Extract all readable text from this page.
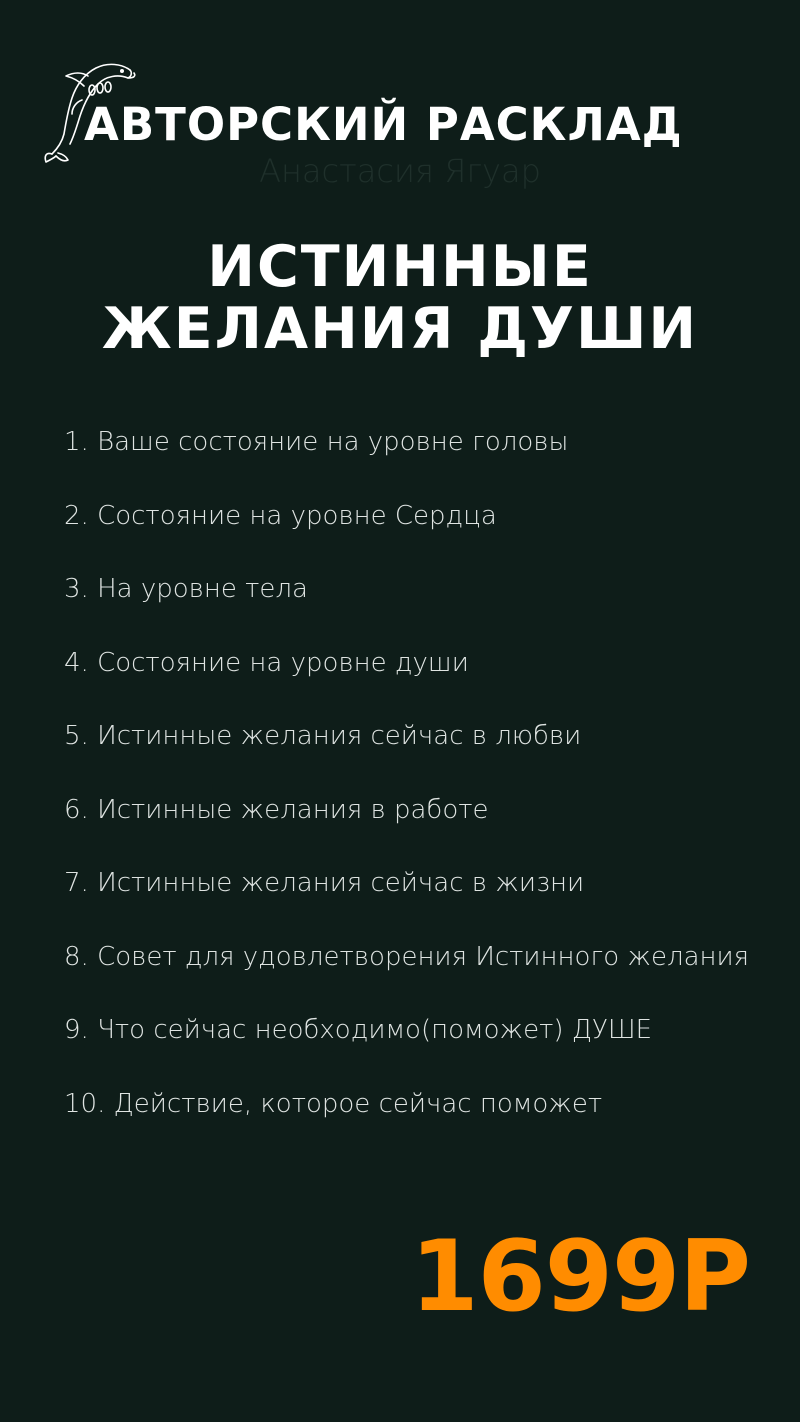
АВТОРСКИЙ РАСКЛАД
Анастасия Ягуар
ИСТИННЫЕ
ЖЕЛАНИЯ ДУШИ
1. Ваше состояние на уровне головы
2. Состояние на уровне Сердца
3. На уровне тела
4. Состояние на уровне души
5. Истинные желания сейчас в любви
6. Истинные желания в работе
7. Истинные желания сейчас в жизни
8. Совет для удовлетворения Истинного желания
9. Что сейчас необходимо(поможет) ДУШЕ
10. Действие, которое сейчас поможет
1699Р
